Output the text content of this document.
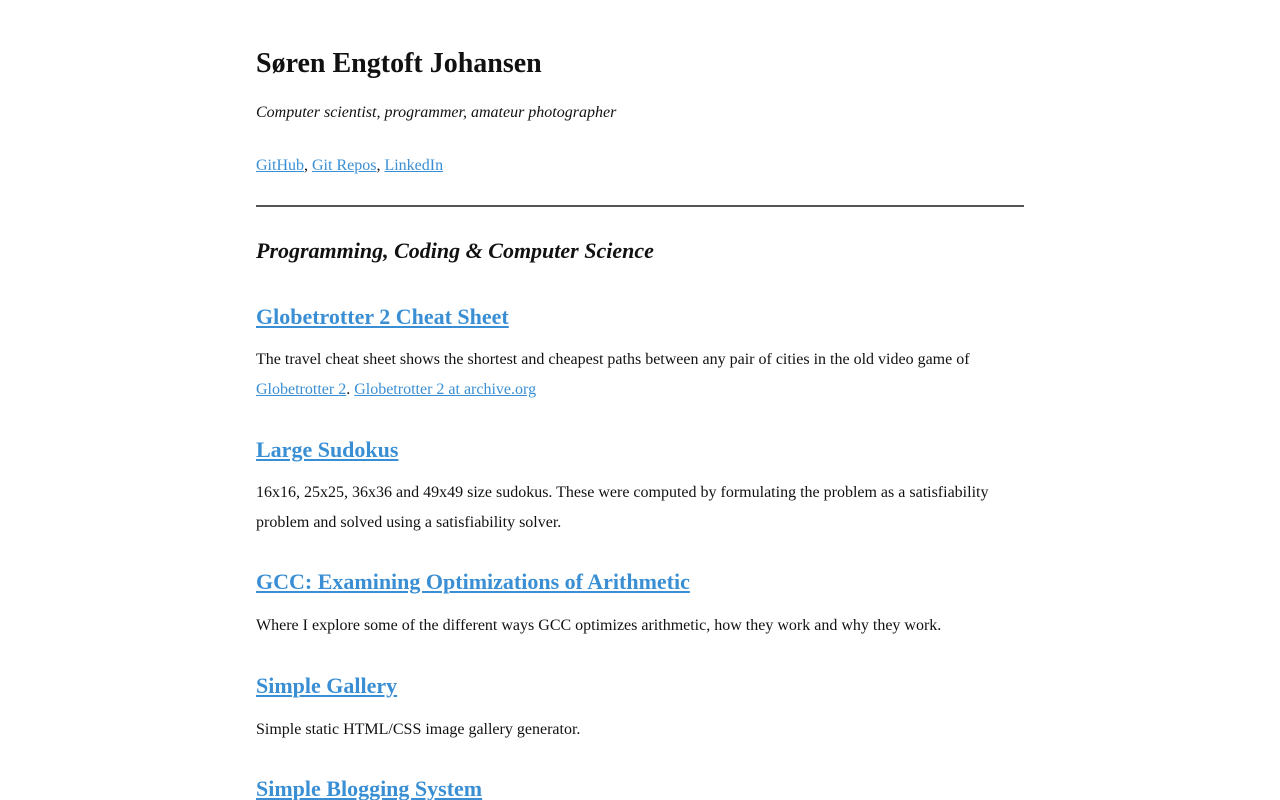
Søren Engtoft Johansen

Computer scientist, programmer, amateur photographer

GitHub, Git Repos, LinkedIn

Programming, Coding & Computer Science
Globetrotter 2 Cheat Sheet

The travel cheat sheet shows the shortest and cheapest paths between any pair of cities in the old video game of Globetrotter 2. Globetrotter 2 at archive.org

Large Sudokus

16x16, 25x25, 36x36 and 49x49 size sudokus. These were computed by formulating the problem as a satisfiability problem and solved using a satisfiability solver.

GCC: Examining Optimizations of Arithmetic

Where I explore some of the different ways GCC optimizes arithmetic, how they work and why they work.

Simple Gallery

Simple static HTML/CSS image gallery generator.

Simple Blogging System
